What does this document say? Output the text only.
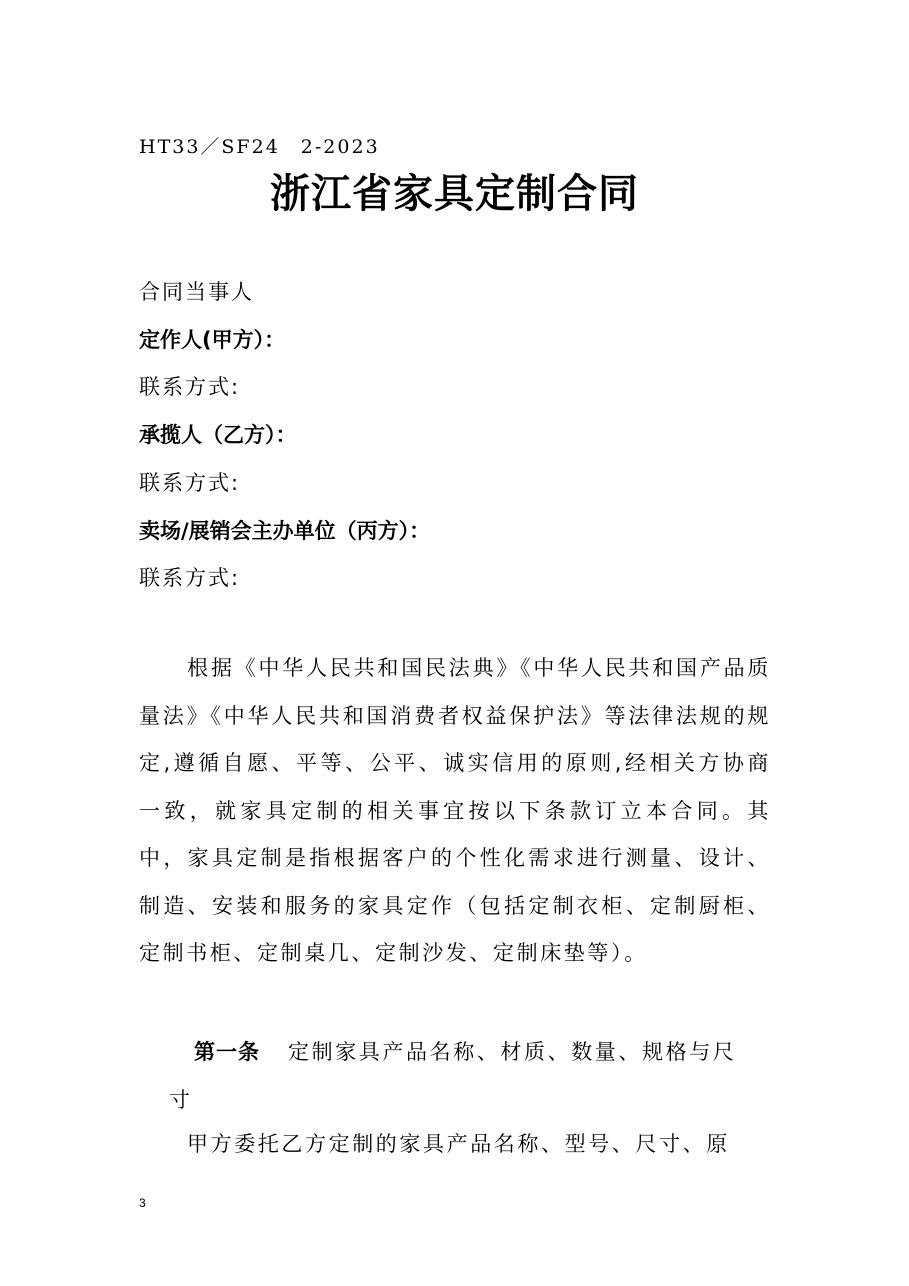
HT33／SF24　2-2023
浙江省家具定制合同
合同当事人
定作人(甲方）：
联系方式:
承揽人（乙方）：
联系方式:
卖场/展销会主办单位（丙方）：
联系方式:
根据《中华人民共和国民法典》《中华人民共和国产品质量法》《中华人民共和国消费者权益保护法》等法律法规的规定,遵循自愿、平等、公平、诚实信用的原则,经相关方协商一致，就家具定制的相关事宜按以下条款订立本合同。其中，家具定制是指根据客户的个性化需求进行测量、设计、制造、安装和服务的家具定作（包括定制衣柜、定制厨柜、定制书柜、定制桌几、定制沙发、定制床垫等）。
第一条 定制家具产品名称、材质、数量、规格与尺
寸
甲方委托乙方定制的家具产品名称、型号、尺寸、原
3
